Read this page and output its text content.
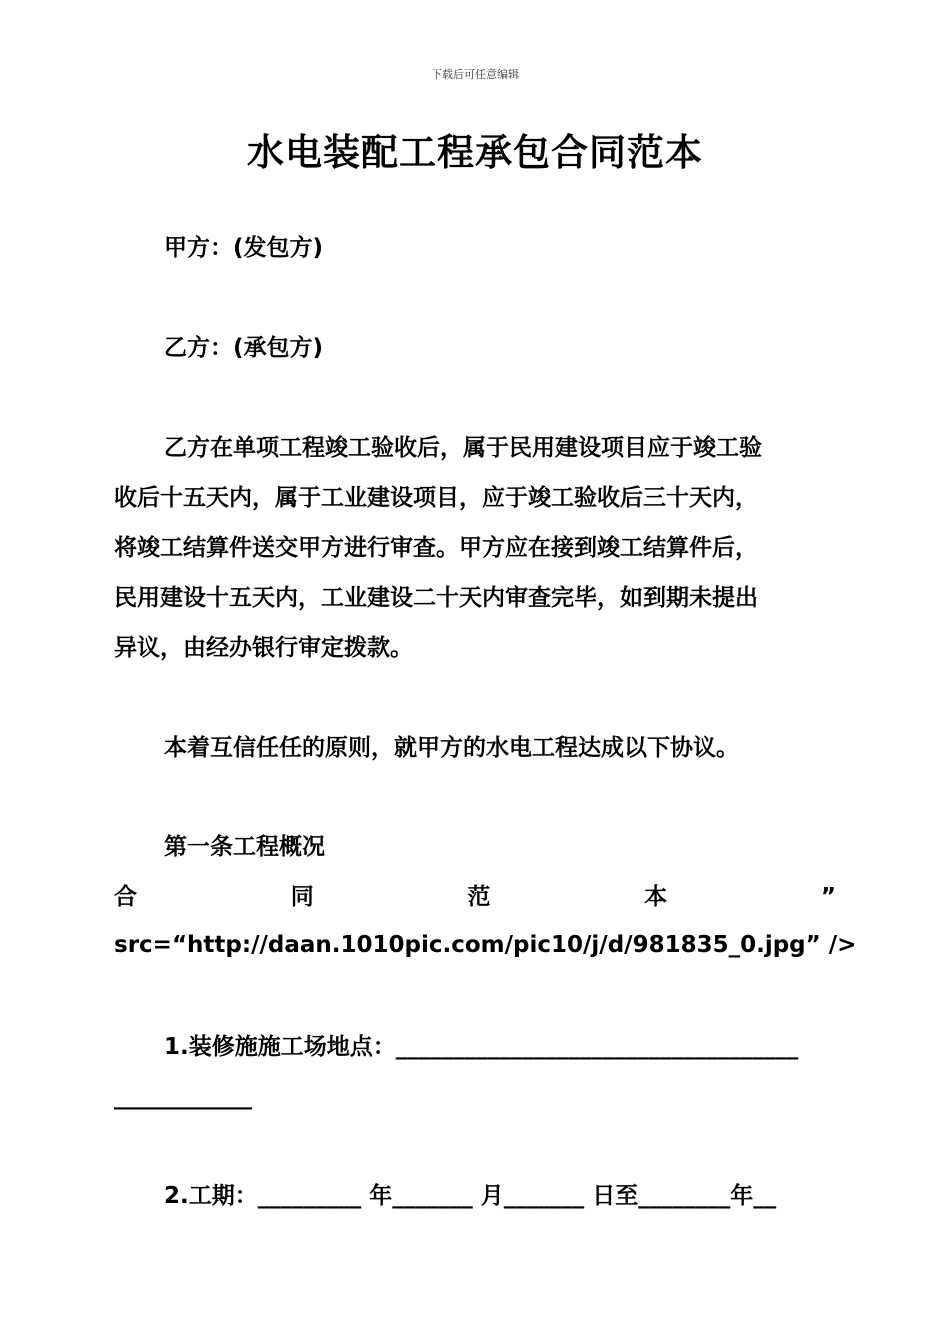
下载后可任意编辑
水电装配工程承包合同范本
甲方：(发包方)
乙方：(承包方)
乙方在单项工程竣工验收后，属于民用建设项目应于竣工验
收后十五天内，属于工业建设项目，应于竣工验收后三十天内，
将竣工结算件送交甲方进行审查。甲方应在接到竣工结算件后，
民用建设十五天内，工业建设二十天内审查完毕，如到期未提出
异议，由经办银行审定拨款。
本着互信任任的原则，就甲方的水电工程达成以下协议。
第一条工程概况
合	同	范	本	”
src=“http://daan.1010pic.com/pic10/j/d/981835_0.jpg” />
1.装修施施工场地点：___________________________________
____________
2.工期：_________ 年_______ 月_______ 日至________年__
